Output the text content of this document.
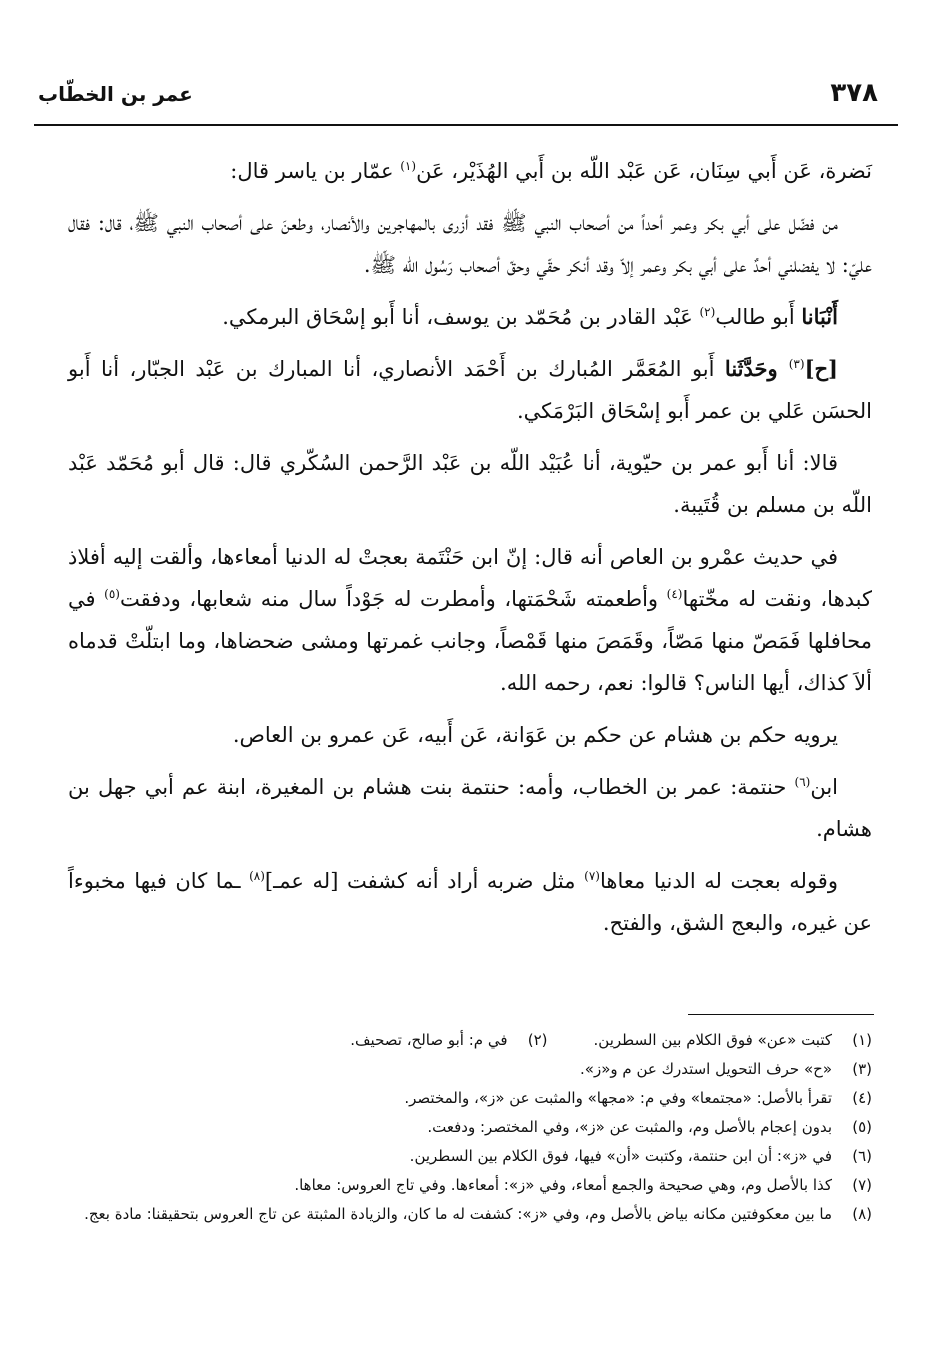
٣٧٨
عمر بن الخطّاب

نَضرة، عَن أَبي سِنَان، عَن عَبْد اللّه بن أَبي الهُذَيْر، عَن$^{(١)}$ عمّار بن ياسر قال:

من فضّل على أبي بكر وعمر أحداً من أصحاب النبي ﷺ فقد أزرى بالمهاجرين والأنصار، وطعنَ على أصحاب النبي ﷺ، قال: فقال عليّ: لا يفضلني أحدٌ على أبي بكر وعمر إلاّ وقد أنكر حقّي وحقّ أصحاب رَسُول الله ﷺ.

أَنْبَانا أَبو طالب$^{(٢)}$ عَبْد القادر بن مُحَمّد بن يوسف، أنا أَبو إسْحَاق البرمكي.

[ح]$^{(٣)}$ وحَدَّثَنا أَبو المُعَمَّر المُبارك بن أَحْمَد الأنصاري، أنا المبارك بن عَبْد الجبّار، أنا أَبو الحسَن عَلي بن عمر أَبو إسْحَاق البَرْمَكي.

قالا: أنا أَبو عمر بن حيّوية، أنا عُبَيْد اللّه بن عَبْد الرَّحمن السُكّري قال: قال أبو مُحَمّد عَبْد اللّه بن مسلم بن قُتَيبة.

في حديث عمْرو بن العاص أنه قال: إنّ ابن حَنْتَمة بعجتْ له الدنيا أمعاءها، وألقت إليه أفلاذ كبدها، ونقت له مخّتها$^{(٤)}$ وأطعمته شَحْمَتها، وأمطرت له جَوْداً سال منه شعابها، ودفقت$^{(٥)}$ في محافلها فَمَصّ منها مَصّاً، وقَمَصَ منها قَمْصاً، وجانب غمرتها ومشى ضحضاها، وما ابتلّتْ قدماه ألاَ كذاك، أيها الناس؟ قالوا: نعم، رحمه الله.

يرويه حكم بن هشام عن حكم بن عَوَانة، عَن أَبيه، عَن عمرو بن العاص.

ابن$^{(٦)}$ حنتمة: عمر بن الخطاب، وأمه: حنتمة بنت هشام بن المغيرة، ابنة عم أبي جهل بن هشام.

وقوله بعجت له الدنيا معاها$^{(٧)}$ مثل ضربه أراد أنه كشفت [له عمـ]$^{(٨)}$ ـما كان فيها مخبوءاً عن غيره، والبعج الشق، والفتح.

(١)
كتبت «عن» فوق الكلام بين السطرين.
(٢)
في م: أبو صالح، تصحيف.
(٣)
«ح» حرف التحويل استدرك عن م و«ز».
(٤)
تقرأ بالأصل: «مجتمعا» وفي م: «مجها» والمثبت عن «ز»، والمختصر.
(٥)
بدون إعجام بالأصل وم، والمثبت عن «ز»، وفي المختصر: ودفعت.
(٦)
في «ز»: أن ابن حنتمة، وكتبت «أن» فيها، فوق الكلام بين السطرين.
(٧)
كذا بالأصل وم، وهي صحيحة والجمع أمعاء، وفي «ز»: أمعاءها. وفي تاج العروس: معاها.
(٨)
ما بين معكوفتين مكانه بياض بالأصل وم، وفي «ز»: كشفت له ما كان، والزيادة المثبتة عن تاج العروس بتحقيقنا: مادة بعج.
